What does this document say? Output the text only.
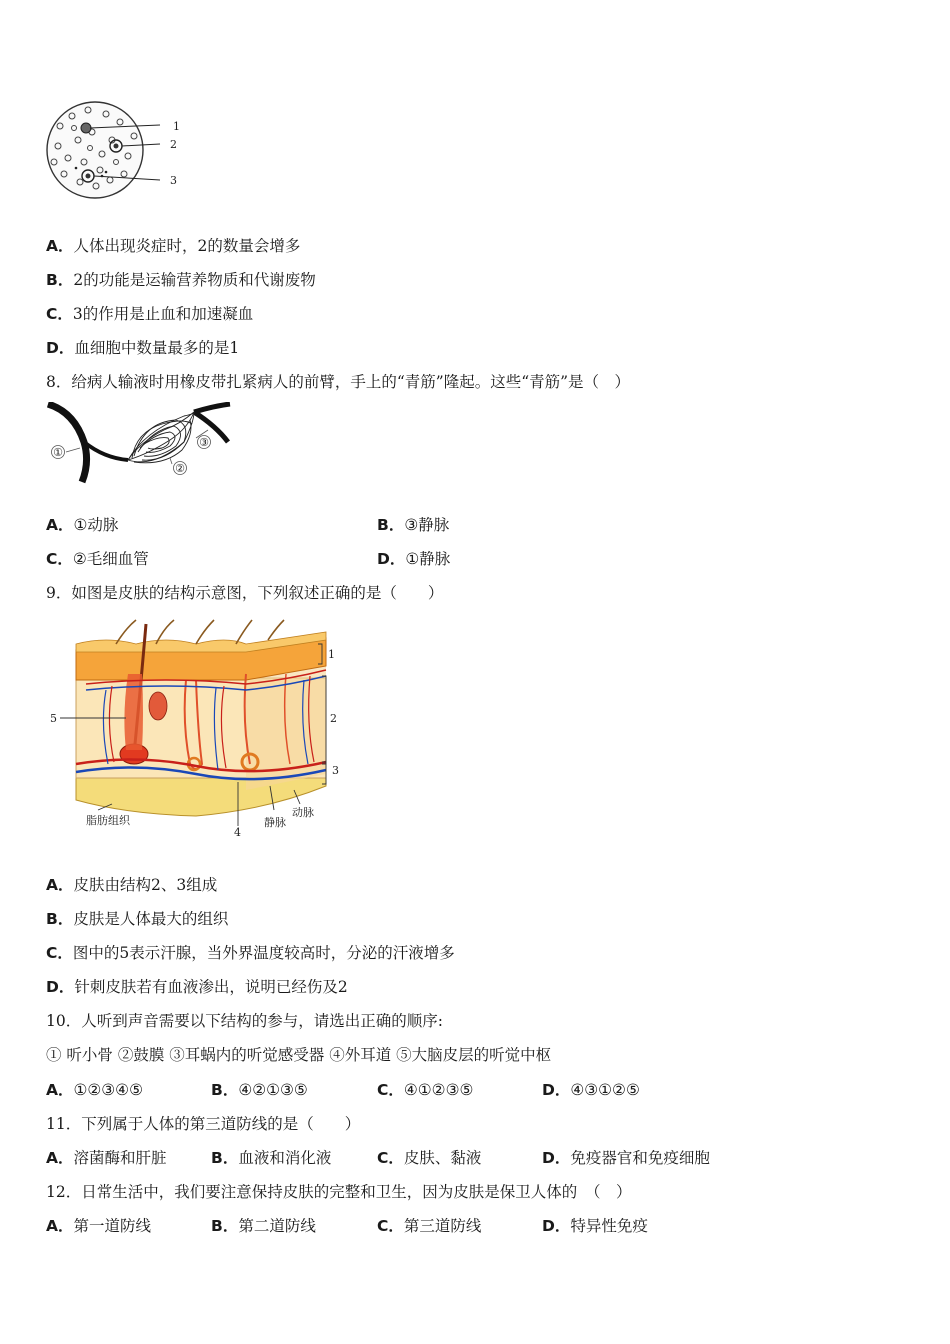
1
2
3
A．人体出现炎症时，2的数量会增多
B．2的功能是运输营养物质和代谢废物
C．3的作用是止血和加速凝血
D．血细胞中数量最多的是1
8．给病人输液时用橡皮带扎紧病人的前臂，手上的“青筋”隆起。这些“青筋”是（　）
①
②
③
A．①动脉	B．③静脉
C．②毛细血管	D．①静脉
9．如图是皮肤的结构示意图，下列叙述正确的是（　　）
1
2
3
4
5
脂肪组织	静脉
动脉
A．皮肤由结构2、3组成
B．皮肤是人体最大的组织
C．图中的5表示汗腺，当外界温度较高时，分泌的汗液增多
D．针刺皮肤若有血液渗出，说明已经伤及2
10．人听到声音需要以下结构的参与，请选出正确的顺序:
① 听小骨 ②鼓膜 ③耳蜗内的听觉感受器 ④外耳道 ⑤大脑皮层的听觉中枢
A．①②③④⑤	B．④②①③⑤	C．④①②③⑤	D．④③①②⑤
11．下列属于人体的第三道防线的是（　　）
A．溶菌酶和肝脏	B．血液和消化液	C．皮肤、黏液	D．免疫器官和免疫细胞
12．日常生活中，我们要注意保持皮肤的完整和卫生，因为皮肤是保卫人体的　（　）
A．第一道防线	B．第二道防线	C．第三道防线	D．特异性免疫
